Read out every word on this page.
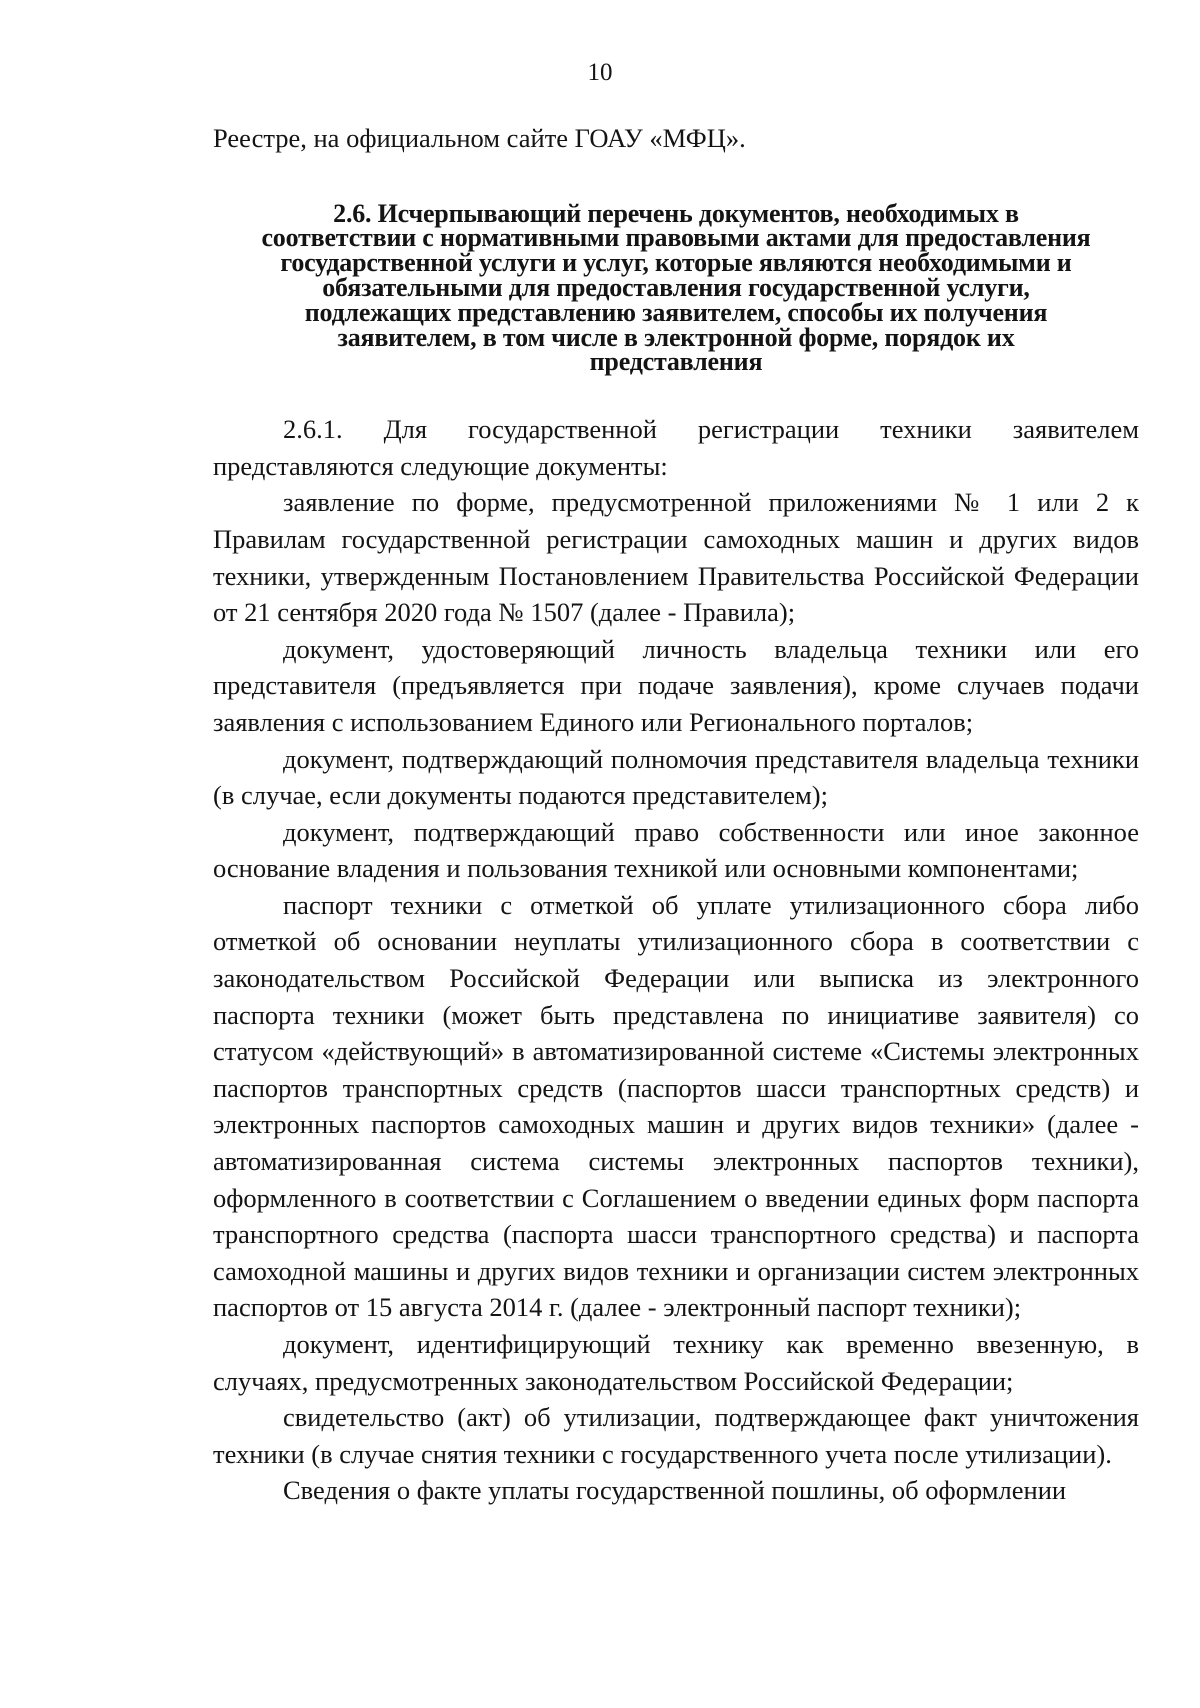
10

Реестре, на официальном сайте ГОАУ «МФЦ».

2.6. Исчерпывающий перечень документов, необходимых в
соответствии с нормативными правовыми актами для предоставления
государственной услуги и услуг, которые являются необходимыми и
обязательными для предоставления государственной услуги,
подлежащих представлению заявителем, способы их получения
заявителем, в том числе в электронной форме, порядок их
представления

2.6.1. Для государственной регистрации техники заявителем представляются следующие документы:

заявление по форме, предусмотренной приложениями № 1 или 2 к Правилам государственной регистрации самоходных машин и других видов техники, утвержденным Постановлением Правительства Российской Федерации от 21 сентября 2020 года № 1507 (далее - Правила);

документ, удостоверяющий личность владельца техники или его представителя (предъявляется при подаче заявления), кроме случаев подачи заявления с использованием Единого или Регионального порталов;

документ, подтверждающий полномочия представителя владельца техники (в случае, если документы подаются представителем);

документ, подтверждающий право собственности или иное законное основание владения и пользования техникой или основными компонентами;

паспорт техники с отметкой об уплате утилизационного сбора либо отметкой об основании неуплаты утилизационного сбора в соответствии с законодательством Российской Федерации или выписка из электронного паспорта техники (может быть представлена по инициативе заявителя) со статусом «действующий» в автоматизированной системе «Системы электронных паспортов транспортных средств (паспортов шасси транспортных средств) и электронных паспортов самоходных машин и других видов техники» (далее - автоматизированная система системы электронных паспортов техники), оформленного в соответствии с Соглашением о введении единых форм паспорта транспортного средства (паспорта шасси транспортного средства) и паспорта самоходной машины и других видов техники и организации систем электронных паспортов от 15 августа 2014 г. (далее - электронный паспорт техники);

документ, идентифицирующий технику как временно ввезенную, в случаях, предусмотренных законодательством Российской Федерации;

свидетельство (акт) об утилизации, подтверждающее факт уничтожения техники (в случае снятия техники с государственного учета после утилизации).

Сведения о факте уплаты государственной пошлины, об оформлении
